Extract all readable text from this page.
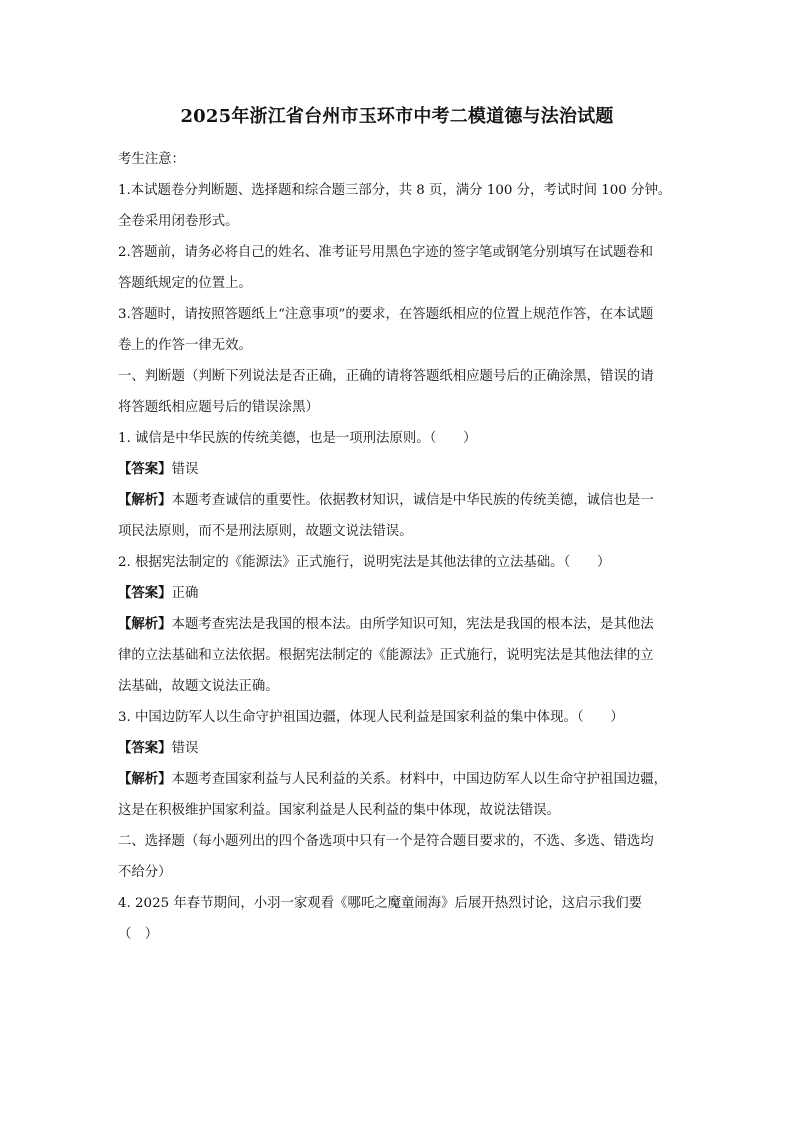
2025年浙江省台州市玉环市中考二模道德与法治试题
考生注意：
1.本试题卷分判断题、选择题和综合题三部分，共 8 页，满分 100 分，考试时间 100 分钟。
全卷采用闭卷形式。
2.答题前，请务必将自己的姓名、准考证号用黑色字迹的签字笔或钢笔分别填写在试题卷和
答题纸规定的位置上。
3.答题时，请按照答题纸上“注意事项”的要求，在答题纸相应的位置上规范作答，在本试题
卷上的作答一律无效。
一、判断题（判断下列说法是否正确，正确的请将答题纸相应题号后的正确涂黑，错误的请
将答题纸相应题号后的错误涂黑）
1. 诚信是中华民族的传统美德，也是一项刑法原则。（　　）
【答案】错误
【解析】本题考查诚信的重要性。依据教材知识，诚信是中华民族的传统美德，诚信也是一
项民法原则，而不是刑法原则，故题文说法错误。
2. 根据宪法制定的《能源法》正式施行，说明宪法是其他法律的立法基础。（　　）
【答案】正确
【解析】本题考查宪法是我国的根本法。由所学知识可知，宪法是我国的根本法，是其他法
律的立法基础和立法依据。根据宪法制定的《能源法》正式施行，说明宪法是其他法律的立
法基础，故题文说法正确。
3. 中国边防军人以生命守护祖国边疆，体现人民利益是国家利益的集中体现。（　　）
【答案】错误
【解析】本题考查国家利益与人民利益的关系。材料中，中国边防军人以生命守护祖国边疆，
这是在积极维护国家利益。国家利益是人民利益的集中体现，故说法错误。
二、选择题（每小题列出的四个备选项中只有一个是符合题目要求的，不选、多选、错选均
不给分）
4. 2025 年春节期间，小羽一家观看《哪吒之魔童闹海》后展开热烈讨论，这启示我们要
（　）
